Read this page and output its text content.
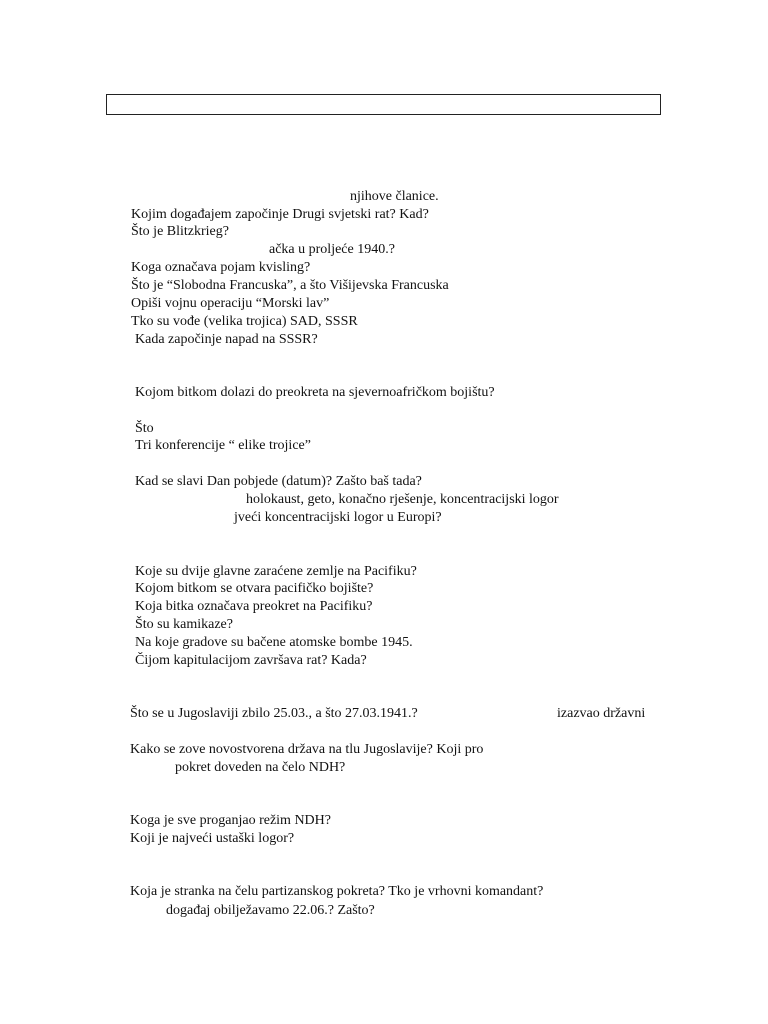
njihove članice.
Kojim događajem započinje Drugi svjetski rat? Kad?
Što je Blitzkrieg?
ačka u proljeće 1940.?
Koga označava pojam kvisling?
Što je “Slobodna Francuska”, a što Višijevska Francuska
Opiši vojnu operaciju “Morski lav”
Tko su vođe (velika trojica) SAD, SSSR
Kada započinje napad na SSSR?
Kojom bitkom dolazi do preokreta na sjevernoafričkom bojištu?
Što
Tri konferencije “ elike trojice”
Kad se slavi Dan pobjede (datum)? Zašto baš tada?
holokaust, geto, konačno rješenje, koncentracijski logor
jveći koncentracijski logor u Europi?
Koje su dvije glavne zaraćene zemlje na Pacifiku?
Kojom bitkom se otvara pacifičko bojište?
Koja bitka označava preokret na Pacifiku?
Što su kamikaze?
Na koje gradove su bačene atomske bombe 1945.
Čijom kapitulacijom završava rat? Kada?
Što se u Jugoslaviji zbilo 25.03., a što 27.03.1941.?	izazvao državni
Kako se zove novostvorena država na tlu Jugoslavije? Koji pro
pokret doveden na čelo NDH?
Koga je sve proganjao režim NDH?
Koji je najveći ustaški logor?
Koja je stranka na čelu partizanskog pokreta? Tko je vrhovni komandant?
događaj obilježavamo 22.06.? Zašto?
